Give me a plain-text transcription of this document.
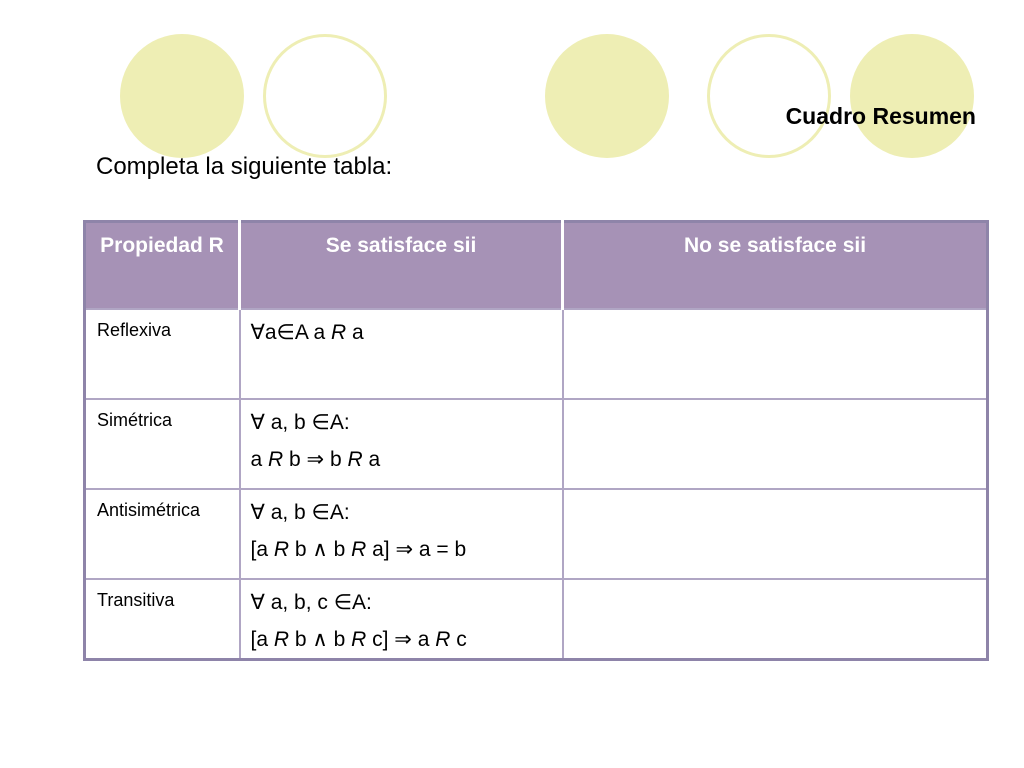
Cuadro Resumen
Completa la siguiente tabla:
Propiedad R	Se satisface sii	No se satisface sii
Reflexiva	∀a∈A a R a	

Simétrica	∀ a, b ∈A:
a R b ⇒ b R a	

Antisimétrica	∀ a, b ∈A:
[a R b ∧ b R a] ⇒ a = b	

Transitiva	∀ a, b, c ∈A:
[a R b ∧ b R c] ⇒ a R c	
